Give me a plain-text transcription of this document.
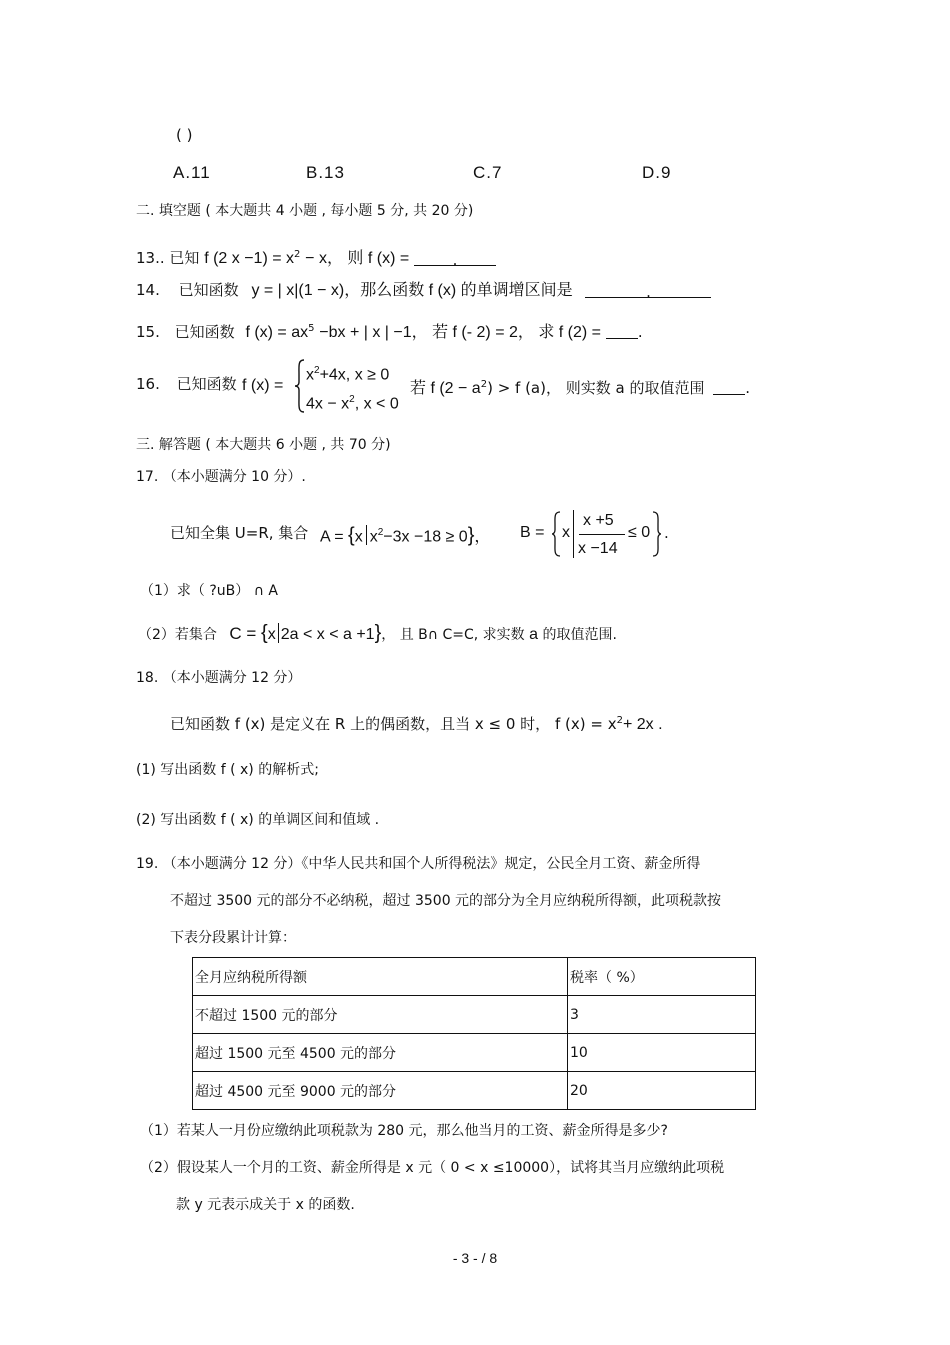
( )
A.11	B.13	C.7	D.9
二. 填空题 ( 本大题共 4 小题 , 每小题 5 分, 共 20 分)
13.. 已知 f (2 $x -1) = x^2 - x$， 则 f (x) =	.
14. 已知函数 y = | x|(1 − x)，那么函数 f (x) 的单调增区间是	.
15. 已知函数 f $(x) = ax^5 -bx$ + | x | −1， 若 f (- 2) = 2， 求 f (2) = .
16. 已知函数 f (x) =
$x^2+4x$, x ≥ 0
$4x - x^2$, x < 0
若 f $(2 - a^2) > f$ (a)， 则实数 a 的取值范围	.
三. 解答题 ( 本大题共 6 小题 , 共 70 分)
17. （本小题满分 10 分）.
已知全集 U=R, 集合 A = {x $x^2-3x -18 \ge 0$}， B = x
x +5
x −14
≤ 0 .
（1）求（ ?uB） ∩ A
（2）若集合 C = {x 2a < x < a +1}， 且 B∩ C=C, 求实数 a 的取值范围.
18. （本小题满分 12 分）
已知函数 f (x) 是定义在 R 上的偶函数，且当 x ≤ 0 时， f $(x) = x^2+ 2x$ .
(1) 写出函数 f ( x) 的解析式;
(2) 写出函数 f ( x) 的单调区间和值域 .
19. （本小题满分 12 分）《中华人民共和国个人所得税法》规定，公民全月工资、薪金所得
不超过 3500 元的部分不必纳税，超过 3500 元的部分为全月应纳税所得额，此项税款按
下表分段累计计算：
全月应纳税所得额	税率（ %）
不超过 1500 元的部分	3
超过 1500 元至 4500 元的部分	10
超过 4500 元至 9000 元的部分	20
（1）若某人一月份应缴纳此项税款为 280 元，那么他当月的工资、薪金所得是多少?
（2）假设某人一个月的工资、薪金所得是 x 元（ 0 < x ≤10000），试将其当月应缴纳此项税
款 y 元表示成关于 x 的函数.
- 3 - / 8
